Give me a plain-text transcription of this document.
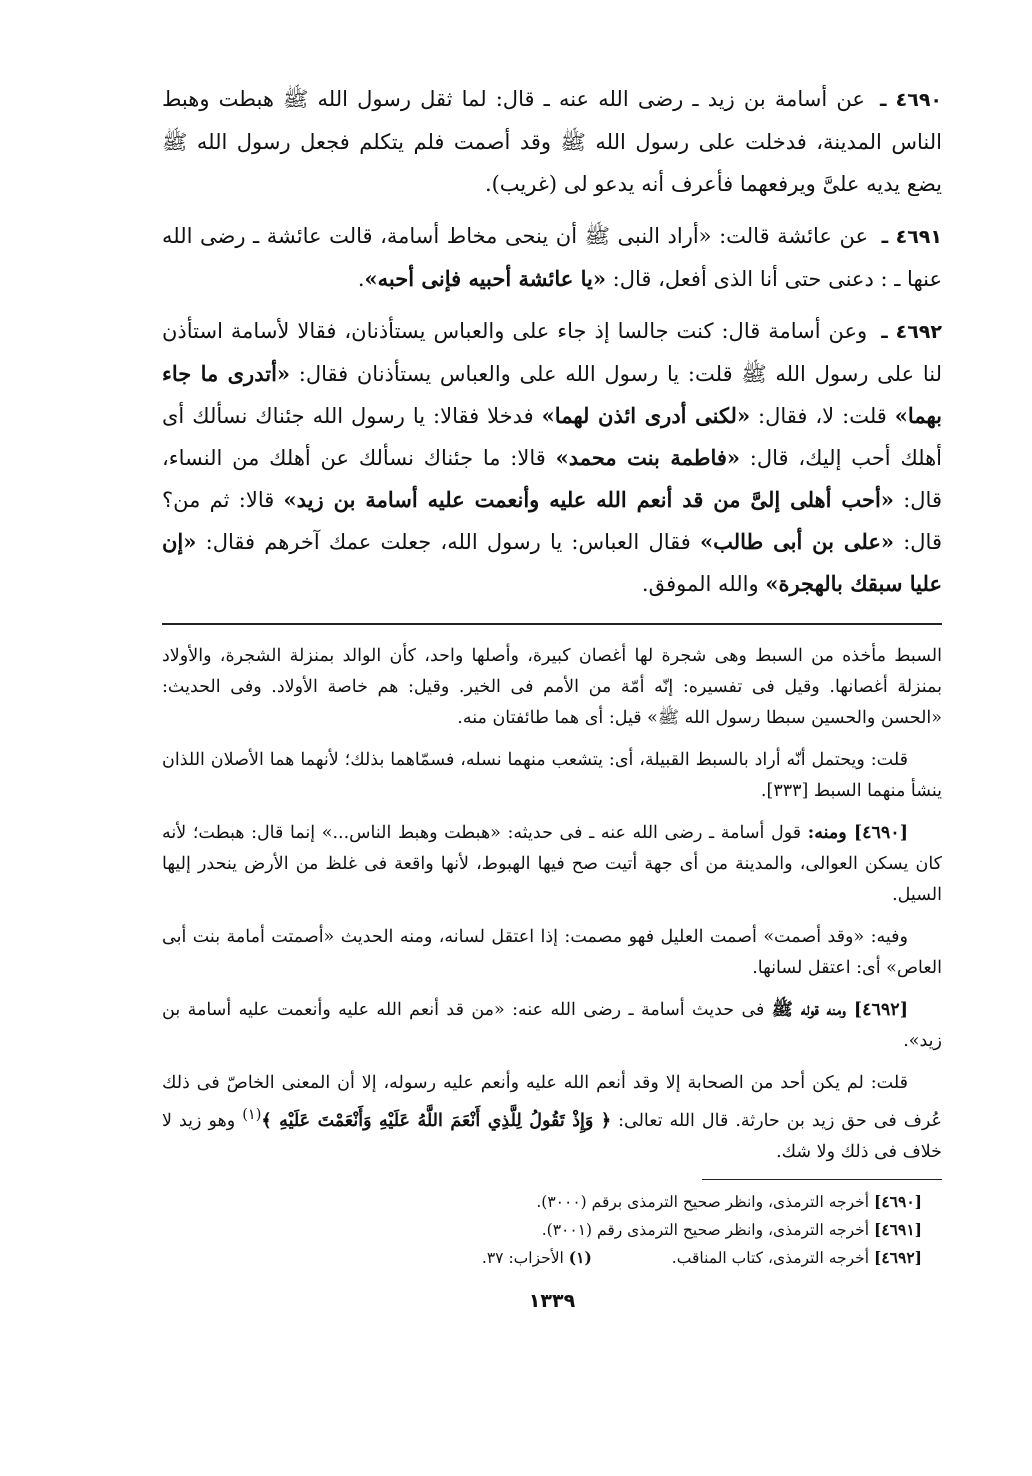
٤٦٩٠ ـ عن أسامة بن زيد ـ رضى الله عنه ـ قال: لما ثقل رسول الله ﷺ هبطت وهبط الناس المدينة، فدخلت على رسول الله ﷺ وقد أصمت فلم يتكلم فجعل رسول الله ﷺ يضع يديه علىَّ ويرفعهما فأعرف أنه يدعو لى (غريب).

٤٦٩١ ـ عن عائشة قالت: «أراد النبى ﷺ أن ينحى مخاط أسامة، قالت عائشة ـ رضى الله عنها ـ : دعنى حتى أنا الذى أفعل، قال: «يا عائشة أحبيه فإنى أحبه».

٤٦٩٢ ـ وعن أسامة قال: كنت جالسا إذ جاء على والعباس يستأذنان، فقالا لأسامة استأذن لنا على رسول الله ﷺ قلت: يا رسول الله على والعباس يستأذنان فقال: «أتدرى ما جاء بهما» قلت: لا، فقال: «لكنى أدرى ائذن لهما» فدخلا فقالا: يا رسول الله جئناك نسألك أى أهلك أحب إليك، قال: «فاطمة بنت محمد» قالا: ما جئناك نسألك عن أهلك من النساء، قال: «أحب أهلى إلىَّ من قد أنعم الله عليه وأنعمت عليه أسامة بن زيد» قالا: ثم من؟ قال: «على بن أبى طالب» فقال العباس: يا رسول الله، جعلت عمك آخرهم فقال: «إن عليا سبقك بالهجرة» والله الموفق.

السبط مأخذه من السبط وهى شجرة لها أغصان كبيرة، وأصلها واحد، كأن الوالد بمنزلة الشجرة، والأولاد بمنزلة أغصانها. وقيل فى تفسيره: إنّه أمّة من الأمم فى الخير. وقيل: هم خاصة الأولاد. وفى الحديث: «الحسن والحسين سبطا رسول الله ﷺ» قيل: أى هما طائفتان منه.

قلت: ويحتمل أنّه أراد بالسبط القبيلة، أى: يتشعب منهما نسله، فسمّاهما بذلك؛ لأنهما هما الأصلان اللذان ينشأ منهما السبط [٣٣٣].

[٤٦٩٠] ومنه: قول أسامة ـ رضى الله عنه ـ فى حديثه: «هبطت وهبط الناس...» إنما قال: هبطت؛ لأنه كان يسكن العوالى، والمدينة من أى جهة أتيت صح فيها الهبوط، لأنها واقعة فى غلظ من الأرض ينحدر إليها السيل.

وفيه: «وقد أصمت» أصمت العليل فهو مصمت: إذا اعتقل لسانه، ومنه الحديث «أصمتت أمامة بنت أبى العاص» أى: اعتقل لسانها.

[٤٦٩٢] ومنه قوله ﷺ فى حديث أسامة ـ رضى الله عنه: «من قد أنعم الله عليه وأنعمت عليه أسامة بن زيد».

قلت: لم يكن أحد من الصحابة إلا وقد أنعم الله عليه وأنعم عليه رسوله، إلا أن المعنى الخاصّ فى ذلك عُرف فى حق زيد بن حارثة. قال الله تعالى: ﴿ وَإِذْ تَقُولُ لِلَّذِي أَنْعَمَ اللَّهُ عَلَيْهِ وَأَنْعَمْتَ عَلَيْهِ ﴾$^{(١)}$ وهو زيد لا خلاف فى ذلك ولا شك.

[٤٦٩٠] أخرجه الترمذى، وانظر صحيح الترمذى برقم (٣٠٠٠).
[٤٦٩١] أخرجه الترمذى، وانظر صحيح الترمذى رقم (٣٠٠١).
[٤٦٩٢] أخرجه الترمذى، كتاب المناقب.
(١) الأحزاب: ٣٧.
١٣٣٩
